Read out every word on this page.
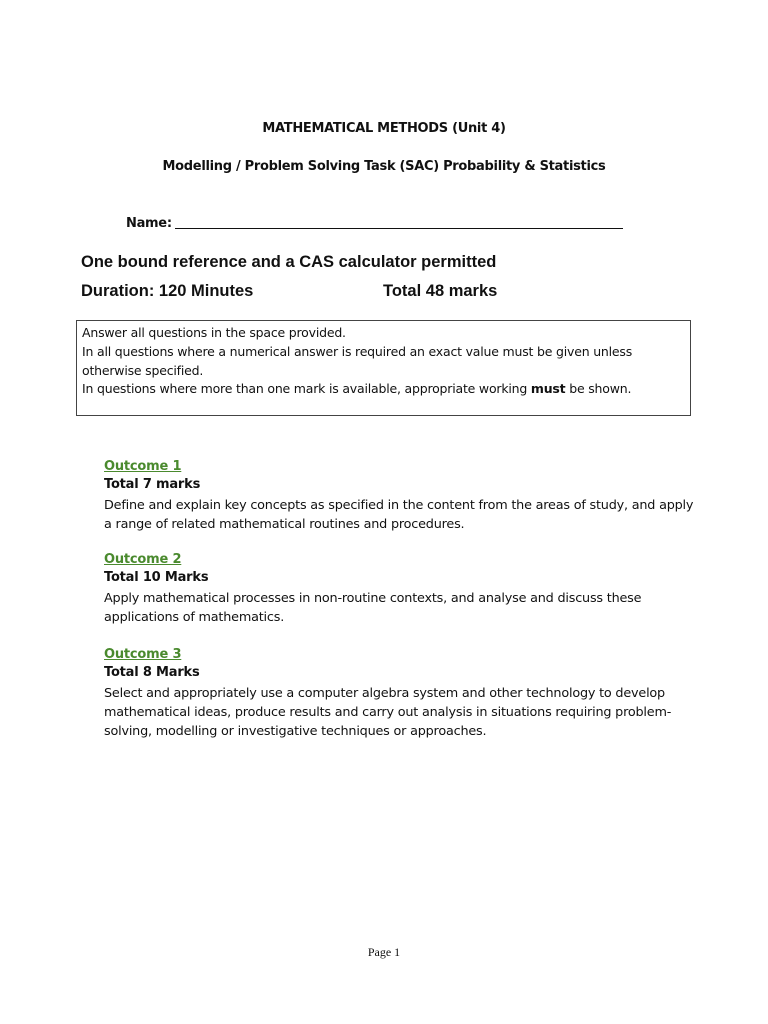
MATHEMATICAL METHODS (Unit 4)
Modelling / Problem Solving Task (SAC) Probability & Statistics
Name:
One bound reference and a CAS calculator permitted
Duration: 120 Minutes	Total 48 marks

Answer all questions in the space provided.

In all questions where a numerical answer is required an exact value must be given unless otherwise specified.

In questions where more than one mark is available, appropriate working must be shown.

Outcome 1
Total 7 marks
Define and explain key concepts as specified in the content from the areas of study, and apply a range of related mathematical routines and procedures.
Outcome 2
Total 10 Marks
Apply mathematical processes in non-routine contexts, and analyse and discuss these applications of mathematics.
Outcome 3
Total 8 Marks
Select and appropriately use a computer algebra system and other technology to develop mathematical ideas, produce results and carry out analysis in situations requiring problem-solving, modelling or investigative techniques or approaches.
Page 1
